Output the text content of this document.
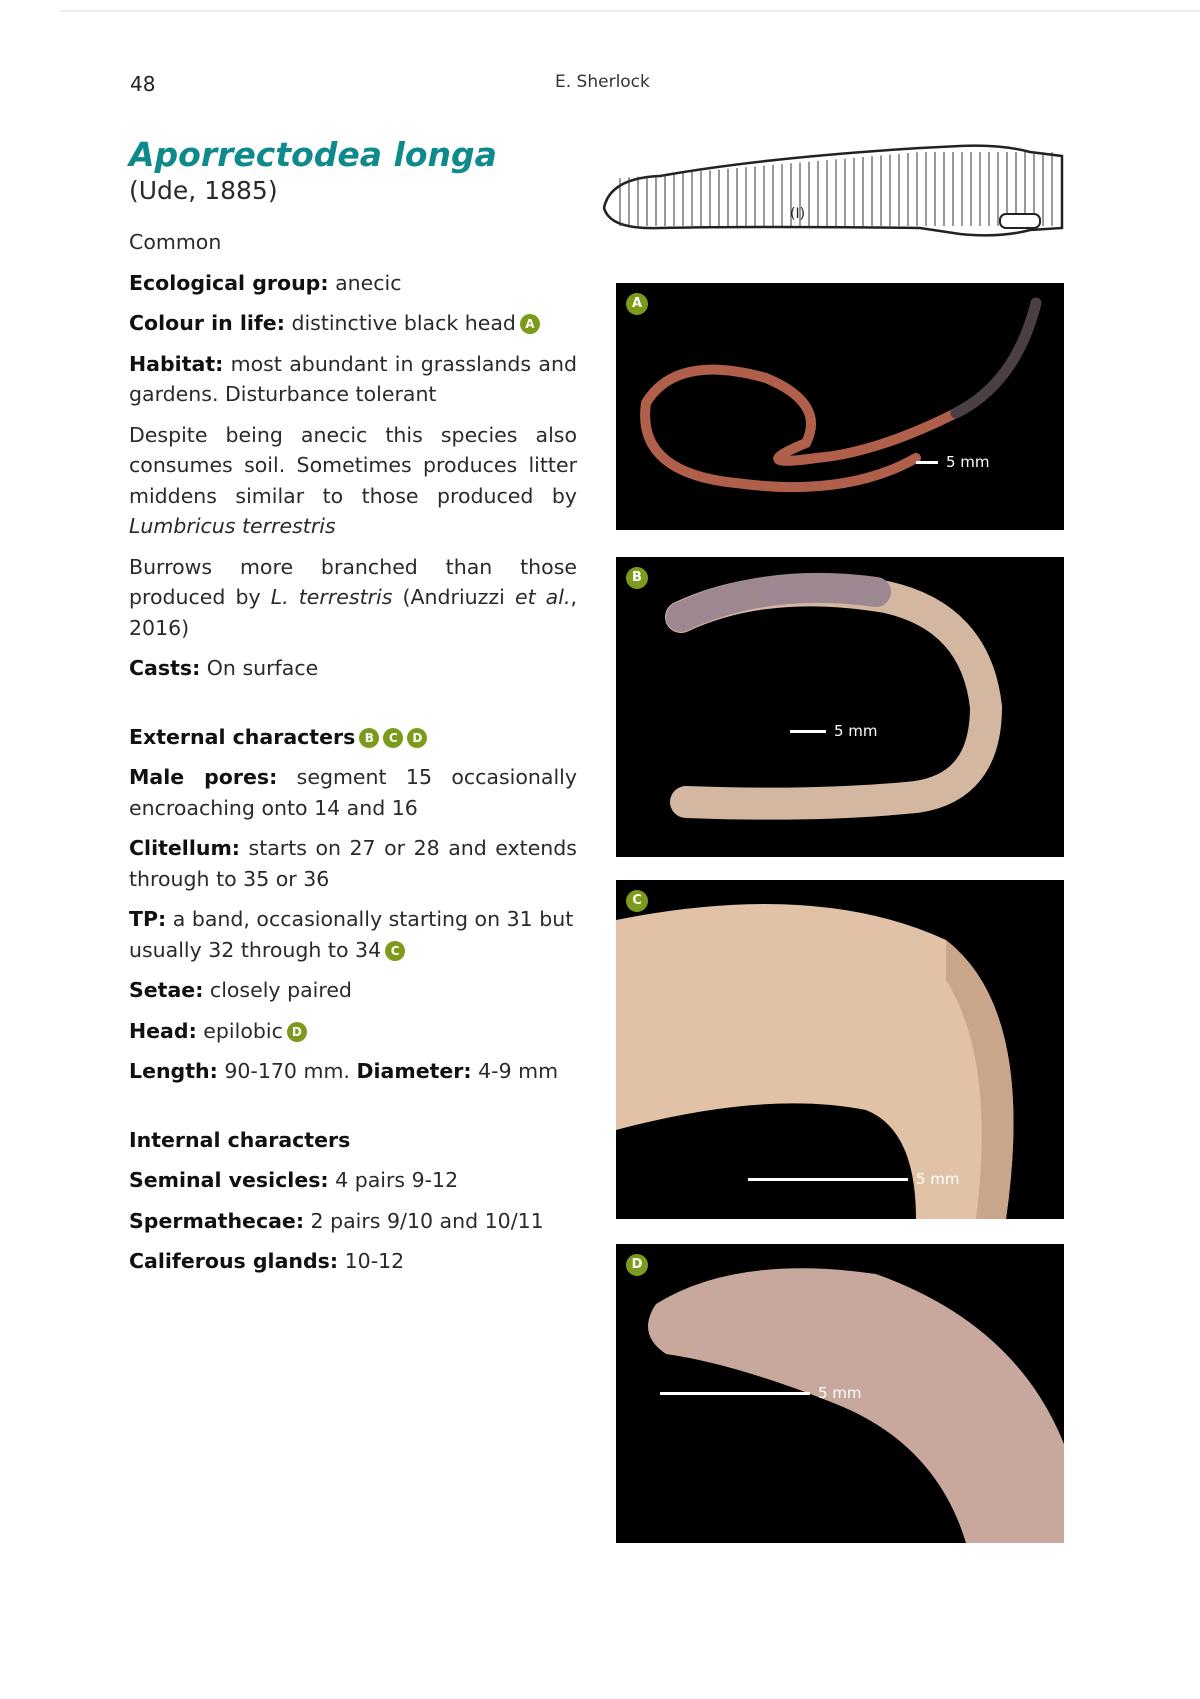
48	E. Sherlock
Aporrectodea longa
(Ude, 1885)

Common

Ecological group: anecic

Colour in life: distinctive black head A

Habitat: most abundant in grasslands and gardens. Disturbance tolerant

Despite being anecic this species also consumes soil. Sometimes produces litter middens similar to those produced by Lumbricus terrestris

Burrows more branched than those produced by L. terrestris (Andriuzzi et al., 2016)

Casts: On surface

External characters B C D

Male pores: segment 15 occasionally encroaching onto 14 and 16

Clitellum: starts on 27 or 28 and extends through to 35 or 36

TP: a band, occasionally starting on 31 but usually 32 through to 34 C

Setae: closely paired

Head: epilobic D

Length: 90-170 mm. Diameter: 4-9 mm

Internal characters

Seminal vesicles: 4 pairs 9-12

Spermathecae: 2 pairs 9/10 and 10/11

Califerous glands: 10-12

(I)
A
5 mm
B
5 mm
C
5 mm
D
5 mm
